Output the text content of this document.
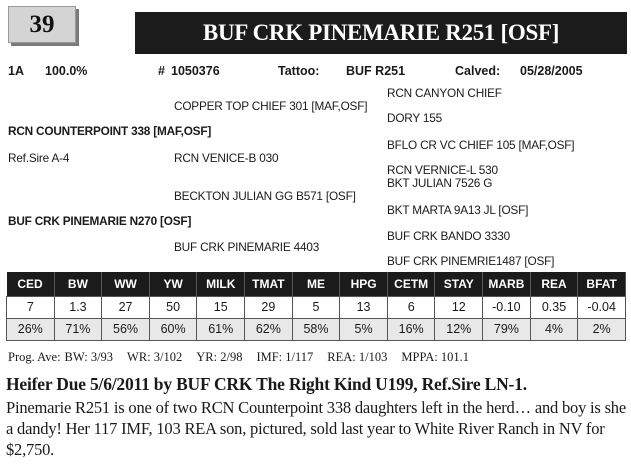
39	BUF CRK PINEMARIE R251 [OSF]
1A 100.0%	# 1050376	Tattoo: BUF R251	Calved: 05/28/2005
RCN CANYON CHIEF
COPPER TOP CHIEF 301 [MAF,OSF]
DORY 155
RCN COUNTERPOINT 338 [MAF,OSF]
BFLO CR VC CHIEF 105 [MAF,OSF]
Ref.Sire A-4	RCN VENICE-B 030
RCN VERNICE-L 530
BKT JULIAN 7526 G
BECKTON JULIAN GG B571 [OSF]
BKT MARTA 9A13 JL [OSF]
BUF CRK PINEMARIE N270 [OSF]
BUF CRK BANDO 3330
BUF CRK PINEMARIE 4403
BUF CRK PINEMRIE1487 [OSF]
CED	BW	WW	YW	MILK	TMAT	ME	HPG	CETM	STAY	MARB	REA	BFAT
7	1.3	27	50	15	29	5	13	6	12	-0.10	0.35	-0.04
26%	71%	56%	60%	61%	62%	58%	5%	16%	12%	79%	4%	2%
Prog. Ave: BW: 3/93 WR: 3/102 YR: 2/98 IMF: 1/117 REA: 1/103 MPPA: 101.1
Heifer Due 5/6/2011 by BUF CRK The Right Kind U199, Ref.Sire LN-1.
Pinemarie R251 is one of two RCN Counterpoint 338 daughters left in the herd… and boy is she a dandy! Her 117 IMF, 103 REA son, pictured, sold last year to White River Ranch in NV for $2,750.
